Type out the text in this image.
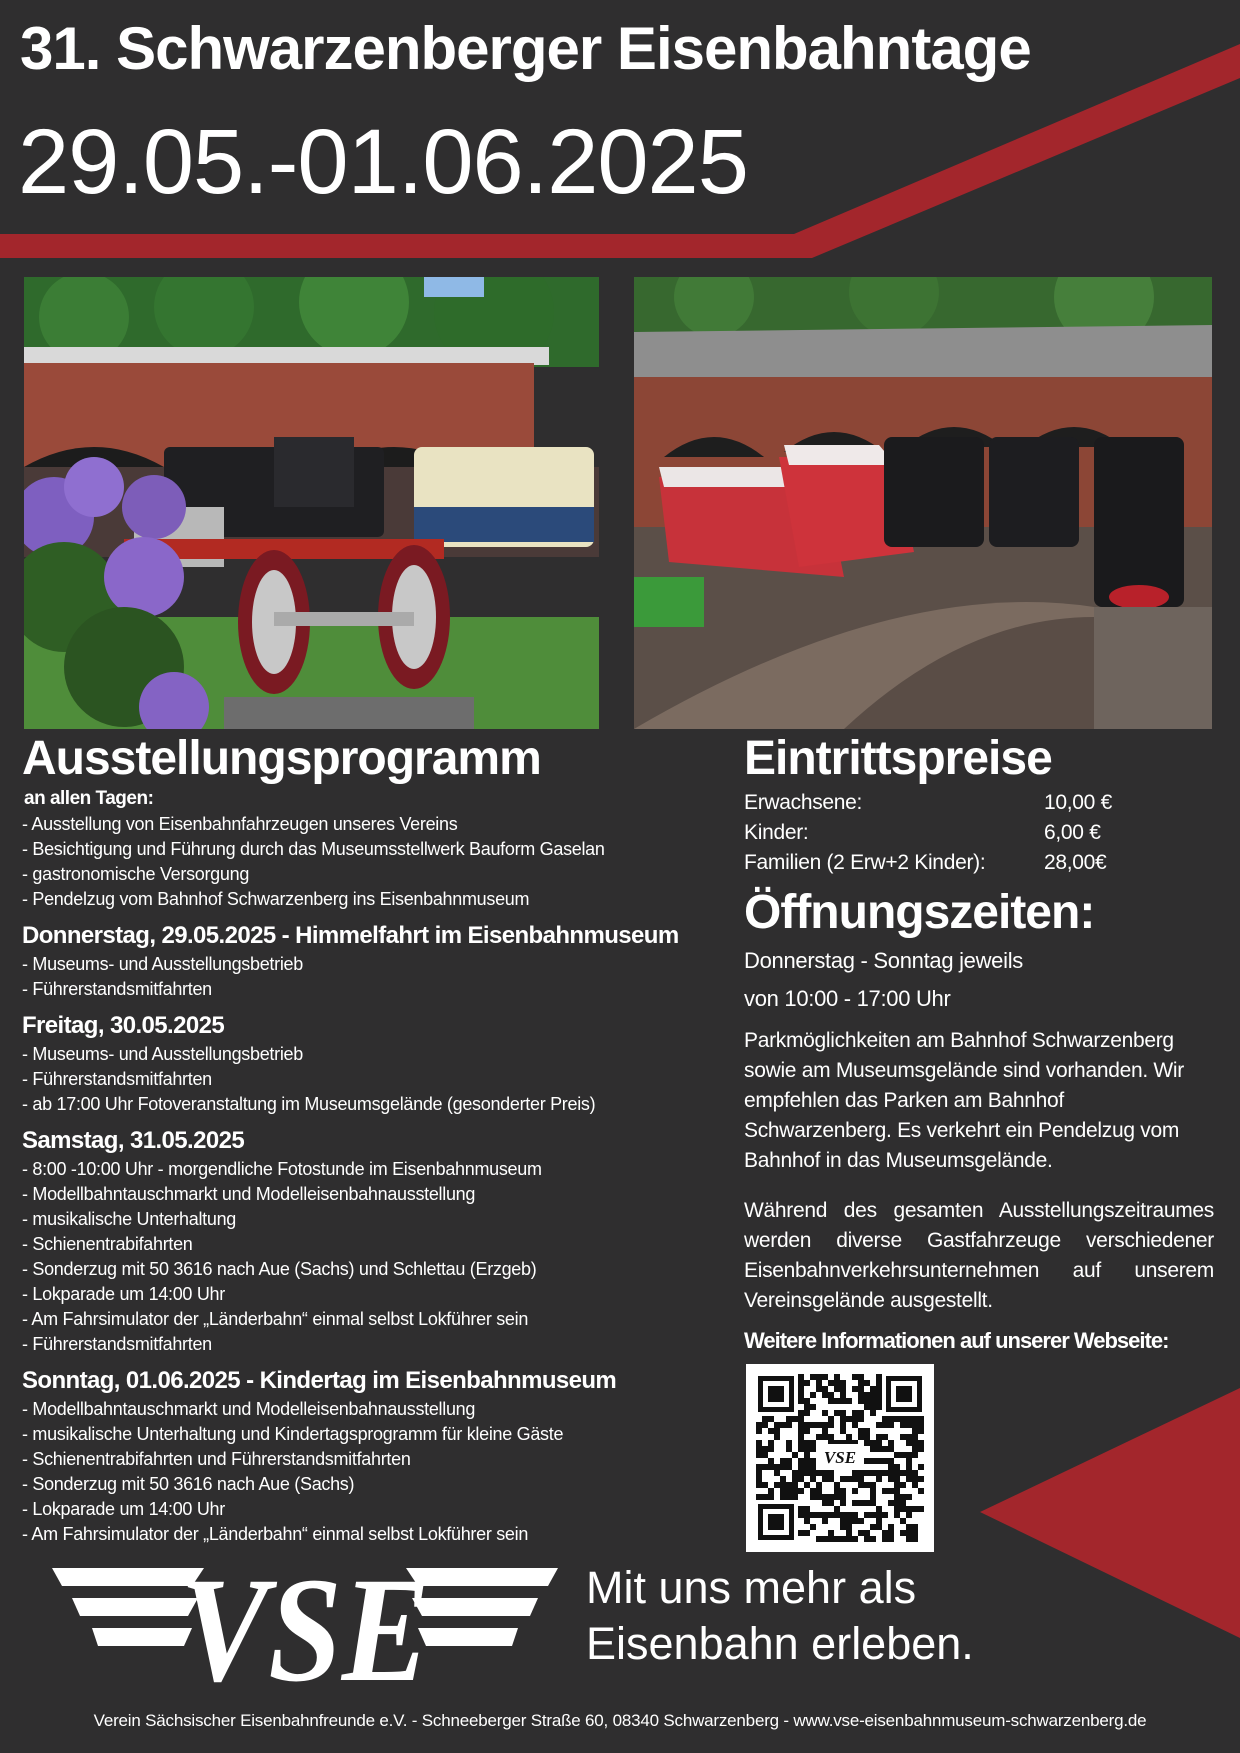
31. Schwarzenberger Eisenbahntage
29.05.-01.06.2025
Ausstellungsprogramm
an allen Tagen:
- Ausstellung von Eisenbahnfahrzeugen unseres Vereins
- Besichtigung und Führung durch das Museumsstellwerk Bauform Gaselan
- gastronomische Versorgung
- Pendelzug vom Bahnhof Schwarzenberg ins Eisenbahnmuseum
Donnerstag, 29.05.2025 - Himmelfahrt im Eisenbahnmuseum
- Museums- und Ausstellungsbetrieb
- Führerstandsmitfahrten
Freitag, 30.05.2025
- Museums- und Ausstellungsbetrieb
- Führerstandsmitfahrten
- ab 17:00 Uhr Fotoveranstaltung im Museumsgelände (gesonderter Preis)
Samstag, 31.05.2025
- 8:00 -10:00 Uhr - morgendliche Fotostunde im Eisenbahnmuseum
- Modellbahntauschmarkt und Modelleisenbahnausstellung
- musikalische Unterhaltung
- Schienentrabifahrten
- Sonderzug mit 50 3616 nach Aue (Sachs) und Schlettau (Erzgeb)
- Lokparade um 14:00 Uhr
- Am Fahrsimulator der „Länderbahn“ einmal selbst Lokführer sein
- Führerstandsmitfahrten
Sonntag, 01.06.2025 - Kindertag im Eisenbahnmuseum
- Modellbahntauschmarkt und Modelleisenbahnausstellung
- musikalische Unterhaltung und Kindertagsprogramm für kleine Gäste
- Schienentrabifahrten und Führerstandsmitfahrten
- Sonderzug mit 50 3616 nach Aue (Sachs)
- Lokparade um 14:00 Uhr
- Am Fahrsimulator der „Länderbahn“ einmal selbst Lokführer sein
Eintrittspreise
Erwachsene:	10,00 €
Kinder:	6,00 €
Familien (2 Erw+2 Kinder):	28,00€
Öffnungszeiten:
Donnerstag - Sonntag jeweils
von 10:00 - 17:00 Uhr

Parkmöglichkeiten am Bahnhof Schwarzenberg sowie am Museumsgelände sind vorhanden. Wir empfehlen das Parken am Bahnhof Schwarzenberg. Es verkehrt ein Pendelzug vom Bahnhof in das Museumsgelände.

Während des gesamten Ausstellungszeitraumes werden diverse Gastfahrzeuge verschiedener Eisenbahnverkehrsunternehmen auf unserem Vereinsgelände ausgestellt.

Weitere Informationen auf unserer Webseite:
VSE
VSE	Mit uns mehr als
Eisenbahn erleben.
Verein Sächsischer Eisenbahnfreunde e.V. - Schneeberger Straße 60, 08340 Schwarzenberg - www.vse-eisenbahnmuseum-schwarzenberg.de
